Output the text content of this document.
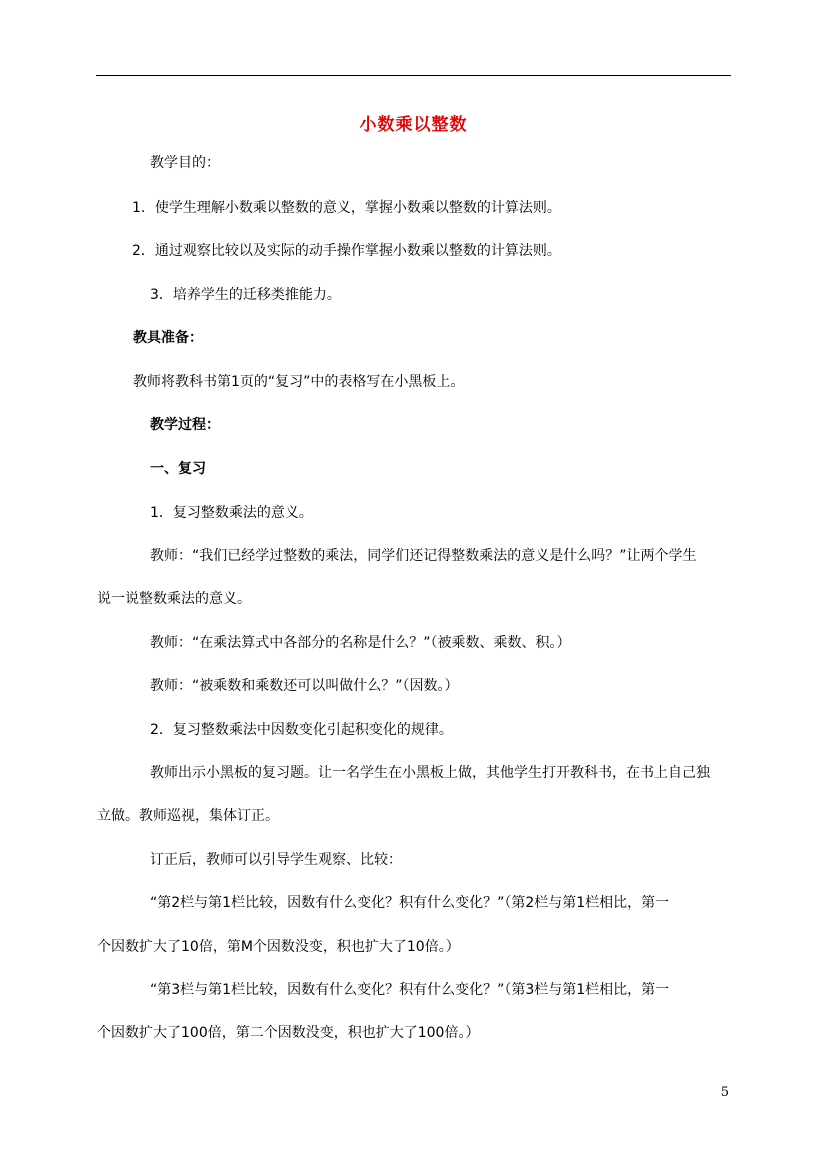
小数乘以整数
教学目的：
1．使学生理解小数乘以整数的意义，掌握小数乘以整数的计算法则。
2．通过观察比较以及实际的动手操作掌握小数乘以整数的计算法则。
3．培养学生的迁移类推能力。
教具准备：
教师将教科书第1页的“复习”中的表格写在小黑板上。
教学过程：
一、复习
1．复习整数乘法的意义。
教师：“我们已经学过整数的乘法，同学们还记得整数乘法的意义是什么吗？”让两个学生
说一说整数乘法的意义。
教师：“在乘法算式中各部分的名称是什么？”（被乘数、乘数、积。）
教师：“被乘数和乘数还可以叫做什么？”（因数。）
2．复习整数乘法中因数变化引起积变化的规律。
教师出示小黑板的复习题。让一名学生在小黑板上做，其他学生打开教科书，在书上自己独
立做。教师巡视，集体订正。
订正后，教师可以引导学生观察、比较：
“第2栏与第1栏比较，因数有什么变化？积有什么变化？”（第2栏与第1栏相比，第一
个因数扩大了10倍，第M个因数没变，积也扩大了10倍。）
“第3栏与第1栏比较，因数有什么变化？积有什么变化？”（第3栏与第1栏相比，第一
个因数扩大了100倍，第二个因数没变，积也扩大了100倍。）
5
